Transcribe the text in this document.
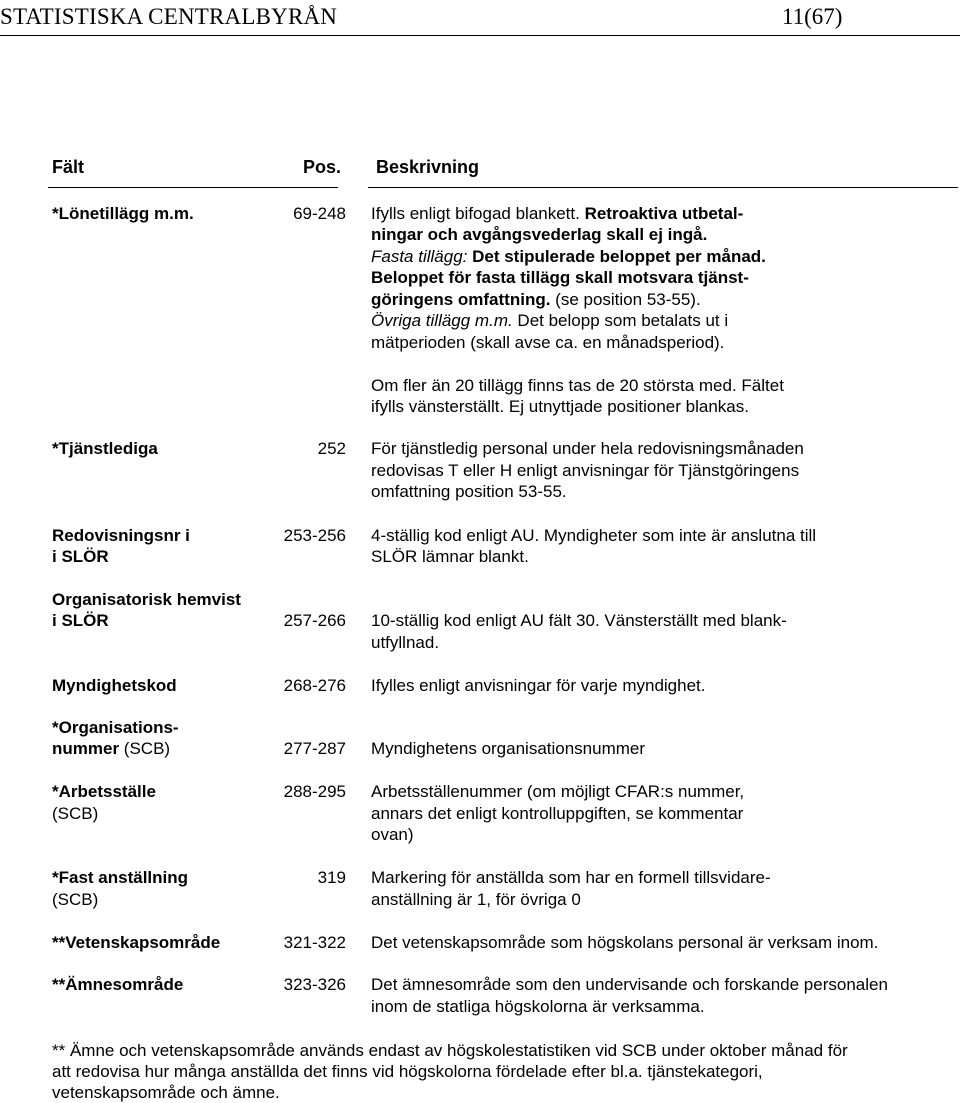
STATISTISKA CENTRALBYRÅN	11(67)
Fält	Pos. Beskrivning
*Lönetillägg m.m.	69-248 Ifylls enligt bifogad blankett. Retroaktiva utbetal-
ningar och avgångsvederlag skall ej ingå.
Fasta tillägg: Det stipulerade beloppet per månad.
Beloppet för fasta tillägg skall motsvara tjänst-
göringens omfattning. (se position 53-55).
Övriga tillägg m.m. Det belopp som betalats ut i
mätperioden (skall avse ca. en månadsperiod).
Om fler än 20 tillägg finns tas de 20 största med. Fältet
ifylls vänsterställt. Ej utnyttjade positioner blankas.
*Tjänstlediga	252 För tjänstledig personal under hela redovisningsmånaden
redovisas T eller H enligt anvisningar för Tjänstgöringens
omfattning position 53-55.
Redovisningsnr i
i SLÖR
253-256 4-ställig kod enligt AU. Myndigheter som inte är anslutna till
SLÖR lämnar blankt.
Organisatorisk hemvist
i SLÖR	257-266 10-ställig kod enligt AU fält 30. Vänsterställt med blank-
utfyllnad.
Myndighetskod	268-276 Ifylles enligt anvisningar för varje myndighet.
*Organisations-
nummer (SCB)	277-287 Myndighetens organisationsnummer
*Arbetsställe
(SCB)
288-295 Arbetsställenummer (om möjligt CFAR:s nummer,
annars det enligt kontrolluppgiften, se kommentar
ovan)
*Fast anställning
(SCB)
319 Markering för anställda som har en formell tillsvidare-
anställning är 1, för övriga 0
**Vetenskapsområde	321-322 Det vetenskapsområde som högskolans personal är verksam inom.
**Ämnesområde	323-326 Det ämnesområde som den undervisande och forskande personalen
inom de statliga högskolorna är verksamma.
** Ämne och vetenskapsområde används endast av högskolestatistiken vid SCB under oktober månad för
att redovisa hur många anställda det finns vid högskolorna fördelade efter bl.a. tjänstekategori,
vetenskapsområde och ämne.
